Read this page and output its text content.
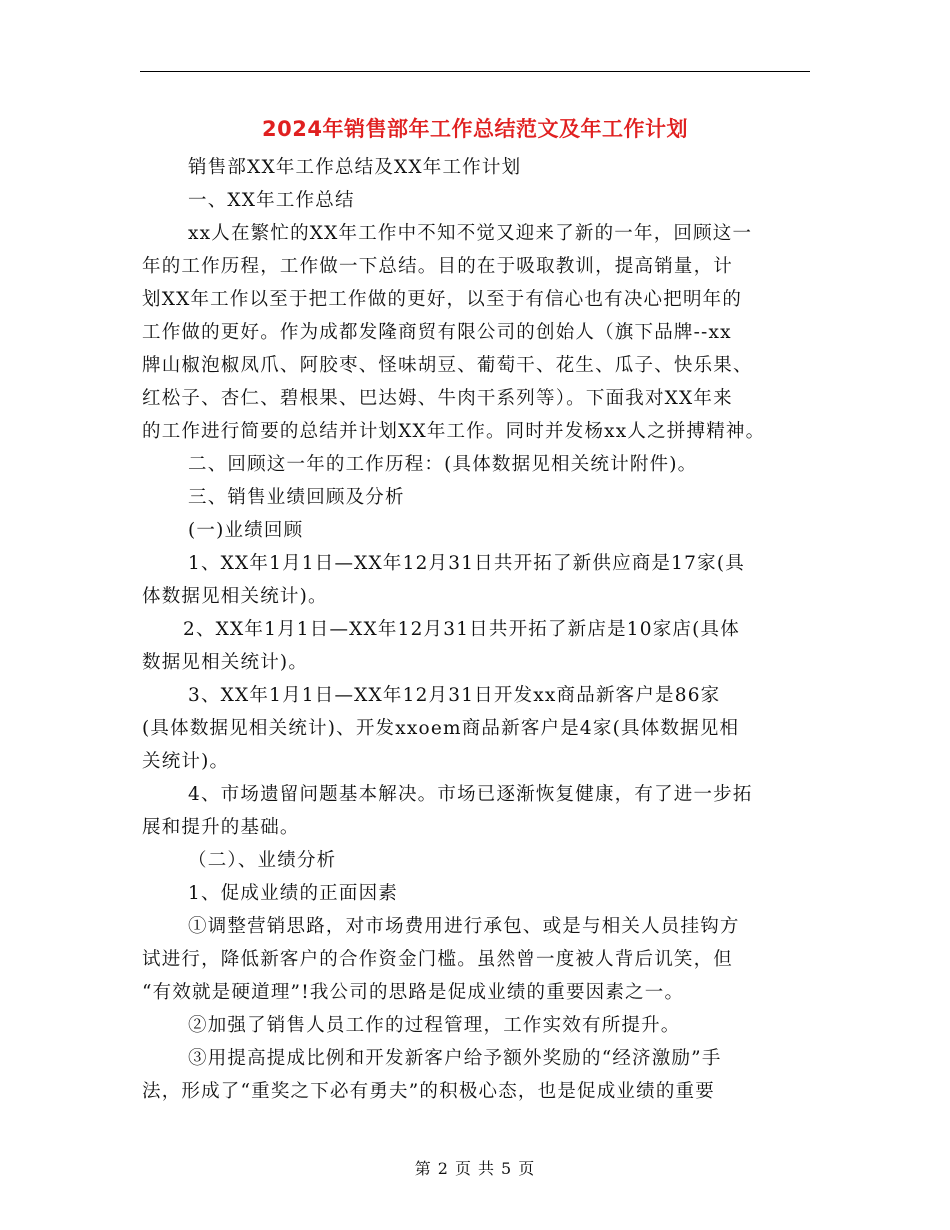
2024年销售部年工作总结范文及年工作计划
销售部XX年工作总结及XX年工作计划
一、XX年工作总结
xx人在繁忙的XX年工作中不知不觉又迎来了新的一年，回顾这一
年的工作历程，工作做一下总结。目的在于吸取教训，提高销量，计
划XX年工作以至于把工作做的更好，以至于有信心也有决心把明年的
工作做的更好。作为成都发隆商贸有限公司的创始人（旗下品牌--xx
牌山椒泡椒凤爪、阿胶枣、怪味胡豆、葡萄干、花生、瓜子、快乐果、
红松子、杏仁、碧根果、巴达姆、牛肉干系列等）。下面我对XX年来
的工作进行简要的总结并计划XX年工作。同时并发杨xx人之拼搏精神。
二、回顾这一年的工作历程：(具体数据见相关统计附件)。
三、销售业绩回顾及分析
(一)业绩回顾
1、XX年1月1日—XX年12月31日共开拓了新供应商是17家(具
体数据见相关统计)。
2、XX年1月1日—XX年12月31日共开拓了新店是10家店(具体
数据见相关统计)。
3、XX年1月1日—XX年12月31日开发xx商品新客户是86家
(具体数据见相关统计)、开发xxoem商品新客户是4家(具体数据见相
关统计)。
4、市场遗留问题基本解决。市场已逐渐恢复健康，有了进一步拓
展和提升的基础。
（二）、业绩分析
1、促成业绩的正面因素
①调整营销思路，对市场费用进行承包、或是与相关人员挂钩方
试进行，降低新客户的合作资金门槛。虽然曾一度被人背后讥笑，但
“有效就是硬道理”!我公司的思路是促成业绩的重要因素之一。
②加强了销售人员工作的过程管理，工作实效有所提升。
③用提高提成比例和开发新客户给予额外奖励的“经济激励”手
法，形成了“重奖之下必有勇夫”的积极心态，也是促成业绩的重要
第 2 页 共 5 页
